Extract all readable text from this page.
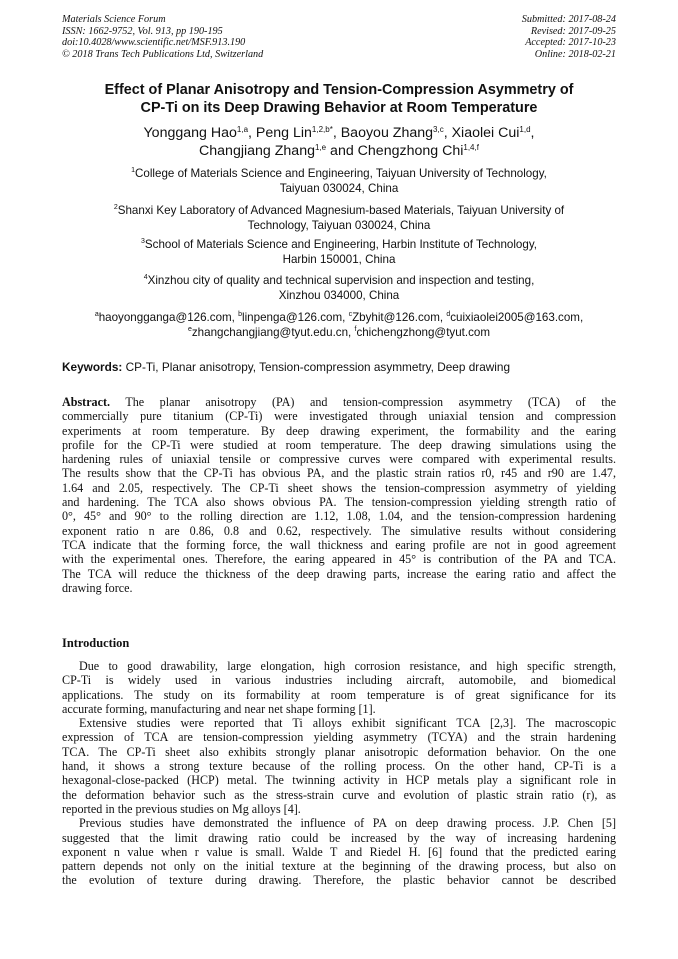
Materials Science Forum
ISSN: 1662-9752, Vol. 913, pp 190-195
doi:10.4028/www.scientific.net/MSF.913.190
© 2018 Trans Tech Publications Ltd, Switzerland
Submitted: 2017-08-24
Revised: 2017-09-25
Accepted: 2017-10-23
Online: 2018-02-21
Effect of Planar Anisotropy and Tension-Compression Asymmetry of
CP-Ti on its Deep Drawing Behavior at Room Temperature
Yonggang Hao$^{1,a}$, Peng Lin$^{1,2,b*}$, Baoyou Zhang$^{3,c}$, Xiaolei Cui$^{1,d}$,
Changjiang Zhang$^{1,e}$ and Chengzhong Chi$^{1,4,f}$
$^1$College of Materials Science and Engineering, Taiyuan University of Technology,
Taiyuan 030024, China
$^2$Shanxi Key Laboratory of Advanced Magnesium-based Materials, Taiyuan University of
Technology, Taiyuan 030024, China
$^3$School of Materials Science and Engineering, Harbin Institute of Technology,
Harbin 150001, China
$^4$Xinzhou city of quality and technical supervision and inspection and testing,
Xinzhou 034000, China
$^a$haoyongganga@126.com, $^b$linpenga@126.com, $^c$Zbyhit@126.com, $^d$cuixiaolei2005@163.com,
$^e$zhangchangjiang@tyut.edu.cn, $^f$chichengzhong@tyut.com
Keywords: CP-Ti, Planar anisotropy, Tension-compression asymmetry, Deep drawing
Abstract. The planar anisotropy (PA) and tension-compression asymmetry (TCA) of the
commercially pure titanium (CP-Ti) were investigated through uniaxial tension and compression
experiments at room temperature. By deep drawing experiment, the formability and the earing
profile for the CP-Ti were studied at room temperature. The deep drawing simulations using the
hardening rules of uniaxial tensile or compressive curves were compared with experimental results.
The results show that the CP-Ti has obvious PA, and the plastic strain ratios r0, r45 and r90 are 1.47,
1.64 and 2.05, respectively. The CP-Ti sheet shows the tension-compression asymmetry of yielding
and hardening. The TCA also shows obvious PA. The tension-compression yielding strength ratio of
0°, 45° and 90° to the rolling direction are 1.12, 1.08, 1.04, and the tension-compression hardening
exponent ratio n are 0.86, 0.8 and 0.62, respectively. The simulative results without considering
TCA indicate that the forming force, the wall thickness and earing profile are not in good agreement
with the experimental ones. Therefore, the earing appeared in 45° is contribution of the PA and TCA.
The TCA will reduce the thickness of the deep drawing parts, increase the earing ratio and affect the
drawing force.
Introduction
Due to good drawability, large elongation, high corrosion resistance, and high specific strength,
CP-Ti is widely used in various industries including aircraft, automobile, and biomedical
applications. The study on its formability at room temperature is of great significance for its
accurate forming, manufacturing and near net shape forming [1].
Extensive studies were reported that Ti alloys exhibit significant TCA [2,3]. The macroscopic
expression of TCA are tension-compression yielding asymmetry (TCYA) and the strain hardening
TCA. The CP-Ti sheet also exhibits strongly planar anisotropic deformation behavior. On the one
hand, it shows a strong texture because of the rolling process. On the other hand, CP-Ti is a
hexagonal-close-packed (HCP) metal. The twinning activity in HCP metals play a significant role in
the deformation behavior such as the stress-strain curve and evolution of plastic strain ratio (r), as
reported in the previous studies on Mg alloys [4].
Previous studies have demonstrated the influence of PA on deep drawing process. J.P. Chen [5]
suggested that the limit drawing ratio could be increased by the way of increasing hardening
exponent n value when r value is small. Walde T and Riedel H. [6] found that the predicted earing
pattern depends not only on the initial texture at the beginning of the drawing process, but also on
the evolution of texture during drawing. Therefore, the plastic behavior cannot be described
